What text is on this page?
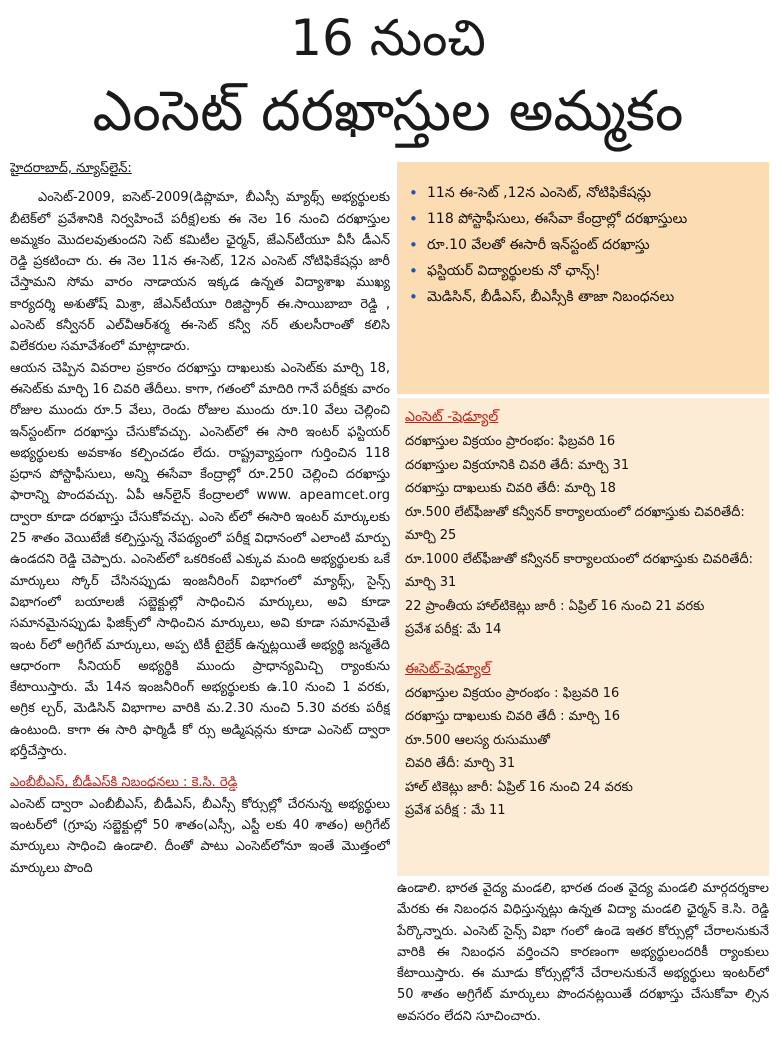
16 నుంచి
ఎంసెట్ దరఖాస్తుల అమ్మకం
హైదరాబాద్, న్యూస్‌లైన్:

ఎంసెట్-2009, ఐసెట్-2009(డిప్లొమా, బీఎస్సీ మ్యాథ్స్ అభ్యర్థులకు బీటెక్‌లో ప్రవేశానికి నిర్వహించే పరీక్ష)లకు ఈ నెల 16 నుంచి దరఖాస్తుల అమ్మకం మొదలవుతుందని సెట్ కమిటీల ఛైర్మన్, జేఎన్‌టీయూ వీసీ డీఎన్ రెడ్డి ప్రకటించా రు. ఈ నెల 11న ఈ-సెట్, 12న ఎంసెట్ నోటిఫికేషన్లు జారీ చేస్తామని సోమ వారం నాడాయన ఇక్కడ ఉన్నత విద్యాశాఖ ముఖ్య కార్యదర్శి అశుతోష్ మిశ్రా, జేఎన్‌టీయూ రిజిస్ట్రార్ ఈ.సాయిబాబా రెడ్డి , ఎంసెట్ కన్వీనర్ ఎల్‌వీఆర్‌శర్మ ఈ-సెట్ కన్వీ నర్ తులసీరాంతో కలిసి విలేకరుల సమావేశంలో మాట్లాడారు.

ఆయన చెప్పిన వివరాల ప్రకారం దరఖాస్తు దాఖలుకు ఎంసెట్‌కు మార్చి 18, ఈసెట్‌కు మార్చి 16 చివరి తేదీలు. కాగా, గతంలో మాదిరి గానే పరీక్షకు వారం రోజుల ముందు రూ.5 వేలు, రెండు రోజుల ముందు రూ.10 వేలు చెల్లించి ఇన్‌స్టంట్‌గా దరఖాస్తు చేసుకోవచ్చు. ఎంసెట్‌లో ఈ సారి ఇంటర్ ఫస్టియర్ అభ్యర్థులకు అవకాశం కల్పించడం లేదు. రాష్ట్రవ్యాప్తంగా గుర్తించిన 118 ప్రధాన పోస్టాఫీసులు, అన్ని ఈసేవా కేంద్రాల్లో రూ.250 చెల్లించి దరఖాస్తు ఫారాన్ని పొందవచ్చు. ఏపీ ఆన్‌లైన్ కేంద్రాలలో www. apeamcet.org ద్వారా కూడా దరఖాస్తు చేసుకోవచ్చు. ఎంసె ట్‌లో ఈసారి ఇంటర్ మార్కులకు 25 శాతం వెయిటేజీ కల్పిస్తున్న నేపథ్యంలో పరీక్ష విధానంలో ఎలాంటి మార్పు ఉండదని రెడ్డి చెప్పారు. ఎంసెట్‌లో ఒకరికంటే ఎక్కువ మంది అభ్యర్థులకు ఒకే మార్కులు స్కోర్ చేసినప్పుడు ఇంజనీరింగ్ విభాగంలో మ్యాథ్స్, సైన్స్ విభాగంలో బయాలజీ సబ్జెక్టుల్లో సాధించిన మార్కులు, అవి కూడా సమానమైనప్పుడు ఫిజిక్స్‌లో సాధించిన మార్కులు, అవి కూడా సమానమైతే ఇంట ర్‌లో అగ్రిగేట్ మార్కులు, అప్ప టికీ టైబ్రేక్ ఉన్నట్లయితే అభ్యర్థి జన్మతేది ఆధారంగా సీనియర్ అభ్యర్థికి ముందు ప్రాధాన్యమిచ్చి ర్యాంకును కేటాయిస్తారు. మే 14న ఇంజనీరింగ్ అభ్యర్థులకు ఉ.10 నుంచి 1 వరకు, అగ్రిక ల్చర్, మెడిసిన్ విభాగాల వారికి మ.2.30 నుంచి 5.30 వరకు పరీక్ష ఉంటుంది. కాగా ఈ సారి ఫార్మిడీ కో ర్సు అడ్మిషన్లను కూడా ఎంసెట్ ద్వారా భర్తీచేస్తారు.

ఎంబీబీఎస్, బీడీఎస్‌కి నిబంధనలు : కె.సి. రెడ్డి

ఎంసెట్ ద్వారా ఎంబీబీఎస్, బీడీఎస్, బీఎస్సీ కోర్సుల్లో చేరనున్న అభ్యర్థులు ఇంటర్‌లో (గ్రూపు సబ్జెక్టుల్లో 50 శాతం(ఎస్సీ, ఎస్టీ లకు 40 శాతం) అగ్రిగేట్ మార్కులు సాధించి ఉండాలి. దీంతో పాటు ఎంసెట్‌లోనూ ఇంతే మొత్తంలో మార్కులు పొంది

• 11న ఈ-సెట్ ,12న ఎంసెట్, నోటిఫికేషన్లు
• 118 పోస్టాఫీసులు, ఈసేవా కేంద్రాల్లో దరఖాస్తులు
• రూ.10 వేలతో ఈసారీ ఇన్‌స్టంట్ దరఖాస్తు
• ఫస్టియర్ విద్యార్థులకు నో ఛాన్స్!
• మెడిసిన్, బీడీఎస్, బీఎస్సీకి తాజా నిబంధనలు
ఎంసెట్ -షెడ్యూల్
దరఖాస్తుల విక్రయం ప్రారంభం: ఫిబ్రవరి 16
దరఖాస్తుల విక్రయానికి చివరి తేదీ: మార్చి 31
దరఖాస్తు దాఖలుకు చివరి తేదీ: మార్చి 18
రూ.500 లేట్‌ఫీజుతో కన్వీనర్ కార్యాలయంలో దరఖాస్తుకు చివరితేదీ: మార్చి 25
రూ.1000 లేట్‌ఫీజుతో కన్వీనర్ కార్యాలయంలో దరఖాస్తుకు చివరితేదీ: మార్చి 31
22 ప్రాంతీయ హాల్‌టికెట్లు జారీ : ఏప్రిల్ 16 నుంచి 21 వరకు
ప్రవేశ పరీక్ష: మే 14
ఈసెట్-షెడ్యూల్
దరఖాస్తుల విక్రయం ప్రారంభం : ఫిబ్రవరి 16
దరఖాస్తు దాఖలుకు చివరి తేదీ : మార్చి 16
రూ.500 ఆలస్య రుసుముతో
చివరి తేదీ: మార్చి 31
హాల్ టికెట్లు జారీ: ఏప్రిల్ 16 నుంచి 24 వరకు
ప్రవేశ పరీక్ష : మే 11

ఉండాలి. భారత వైద్య మండలి, భారత దంత వైద్య మండలి మార్గదర్శకాల మేరకు ఈ నిబంధన విధిస్తున్నట్లు ఉన్నత విద్యా మండలి ఛైర్మన్ కె.సి. రెడ్డి పేర్కొన్నారు. ఎంసెట్ సైన్స్ విభా గంలో ఉండె ఇతర కోర్సుల్లో చేరాలనుకునే వారికి ఈ నిబంధన వర్తించని కారణంగా అభ్యర్థులందరికీ ర్యాంకులు కేటాయిస్తారు. ఈ మూడు కోర్సుల్లోనే చేరాలనుకునే అభ్యర్థులు ఇంటర్‌లో 50 శాతం అగ్రిగేట్ మార్కులు పొందనట్లయితే దరఖాస్తు చేసుకోవా ల్సిన అవసరం లేదని సూచించారు.
